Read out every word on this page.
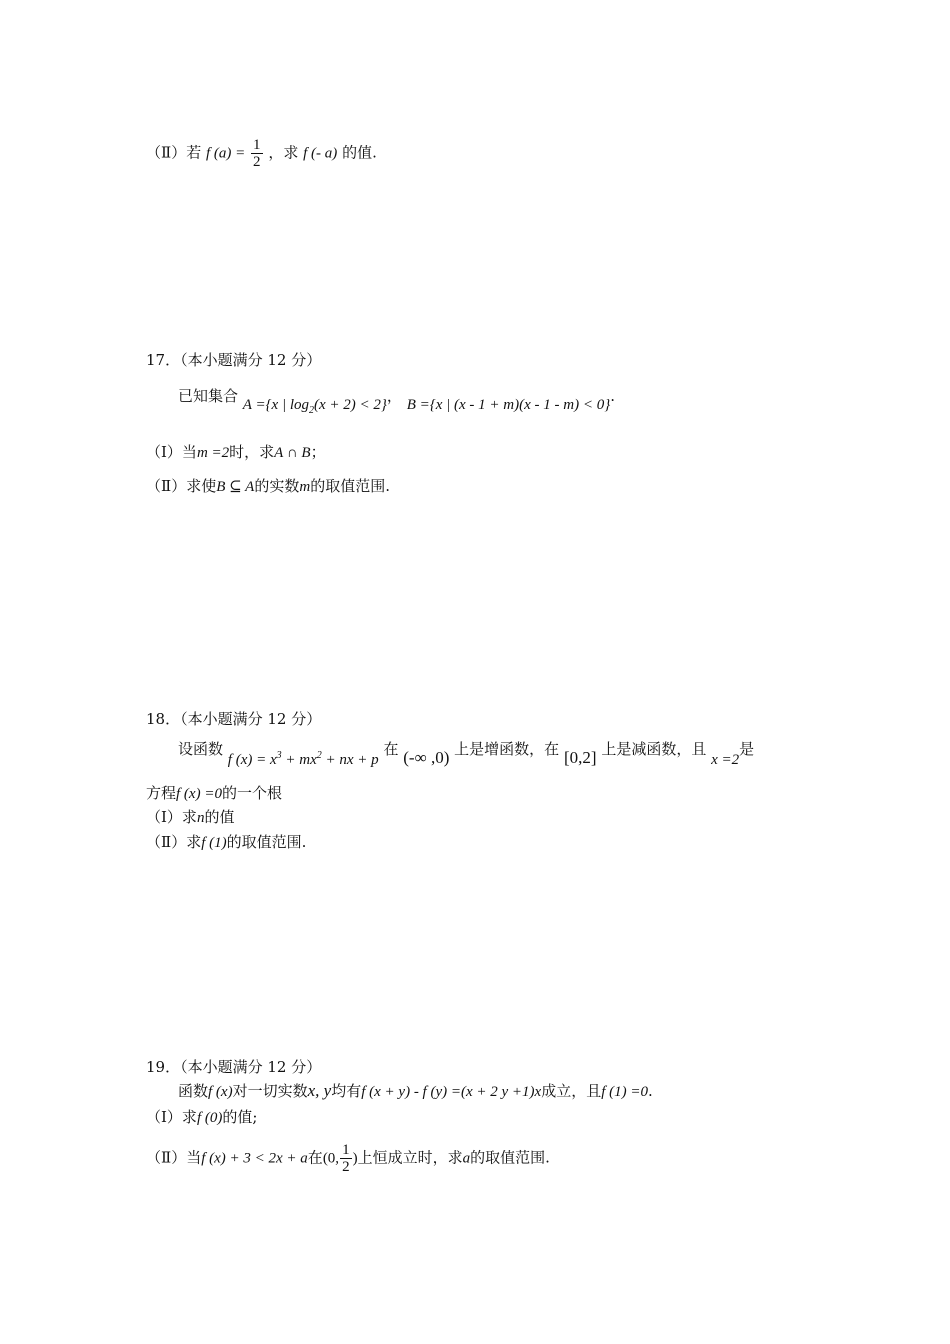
（Ⅱ）若 f $(a) = \frac{1}{2}$ ，求 f (- a) 的值.
17．（本小题满分 12 分）
已知集合 A ={x | $\log_2(x + 2) < 2$}， B ={x | (x - 1 + m)(x - 1 - m) < 0}.
（Ⅰ）当m =2时，求A ∩ B；
（Ⅱ）求使B ⊆ A的实数m的取值范围.
18．（本小题满分 12 分）
设函数 f $(x) = x^3 + mx^2$ + nx + p 在 (-∞ ,0) 上是增函数，在 [0,2] 上是减函数，且 x =2是
方程f (x) =0的一个根
（Ⅰ）求n的值
（Ⅱ）求f (1)的取值范围.
19．（本小题满分 12 分）
函数f (x)对一切实数x, y均有f (x + y) - f (y) =(x + 2 y +1)x成立，且f (1) =0.
（Ⅰ）求f (0)的值;
（Ⅱ）当f (x) + 3 < 2x + a在(0, $\frac{1}{2}$ )上恒成立时，求a的取值范围.
